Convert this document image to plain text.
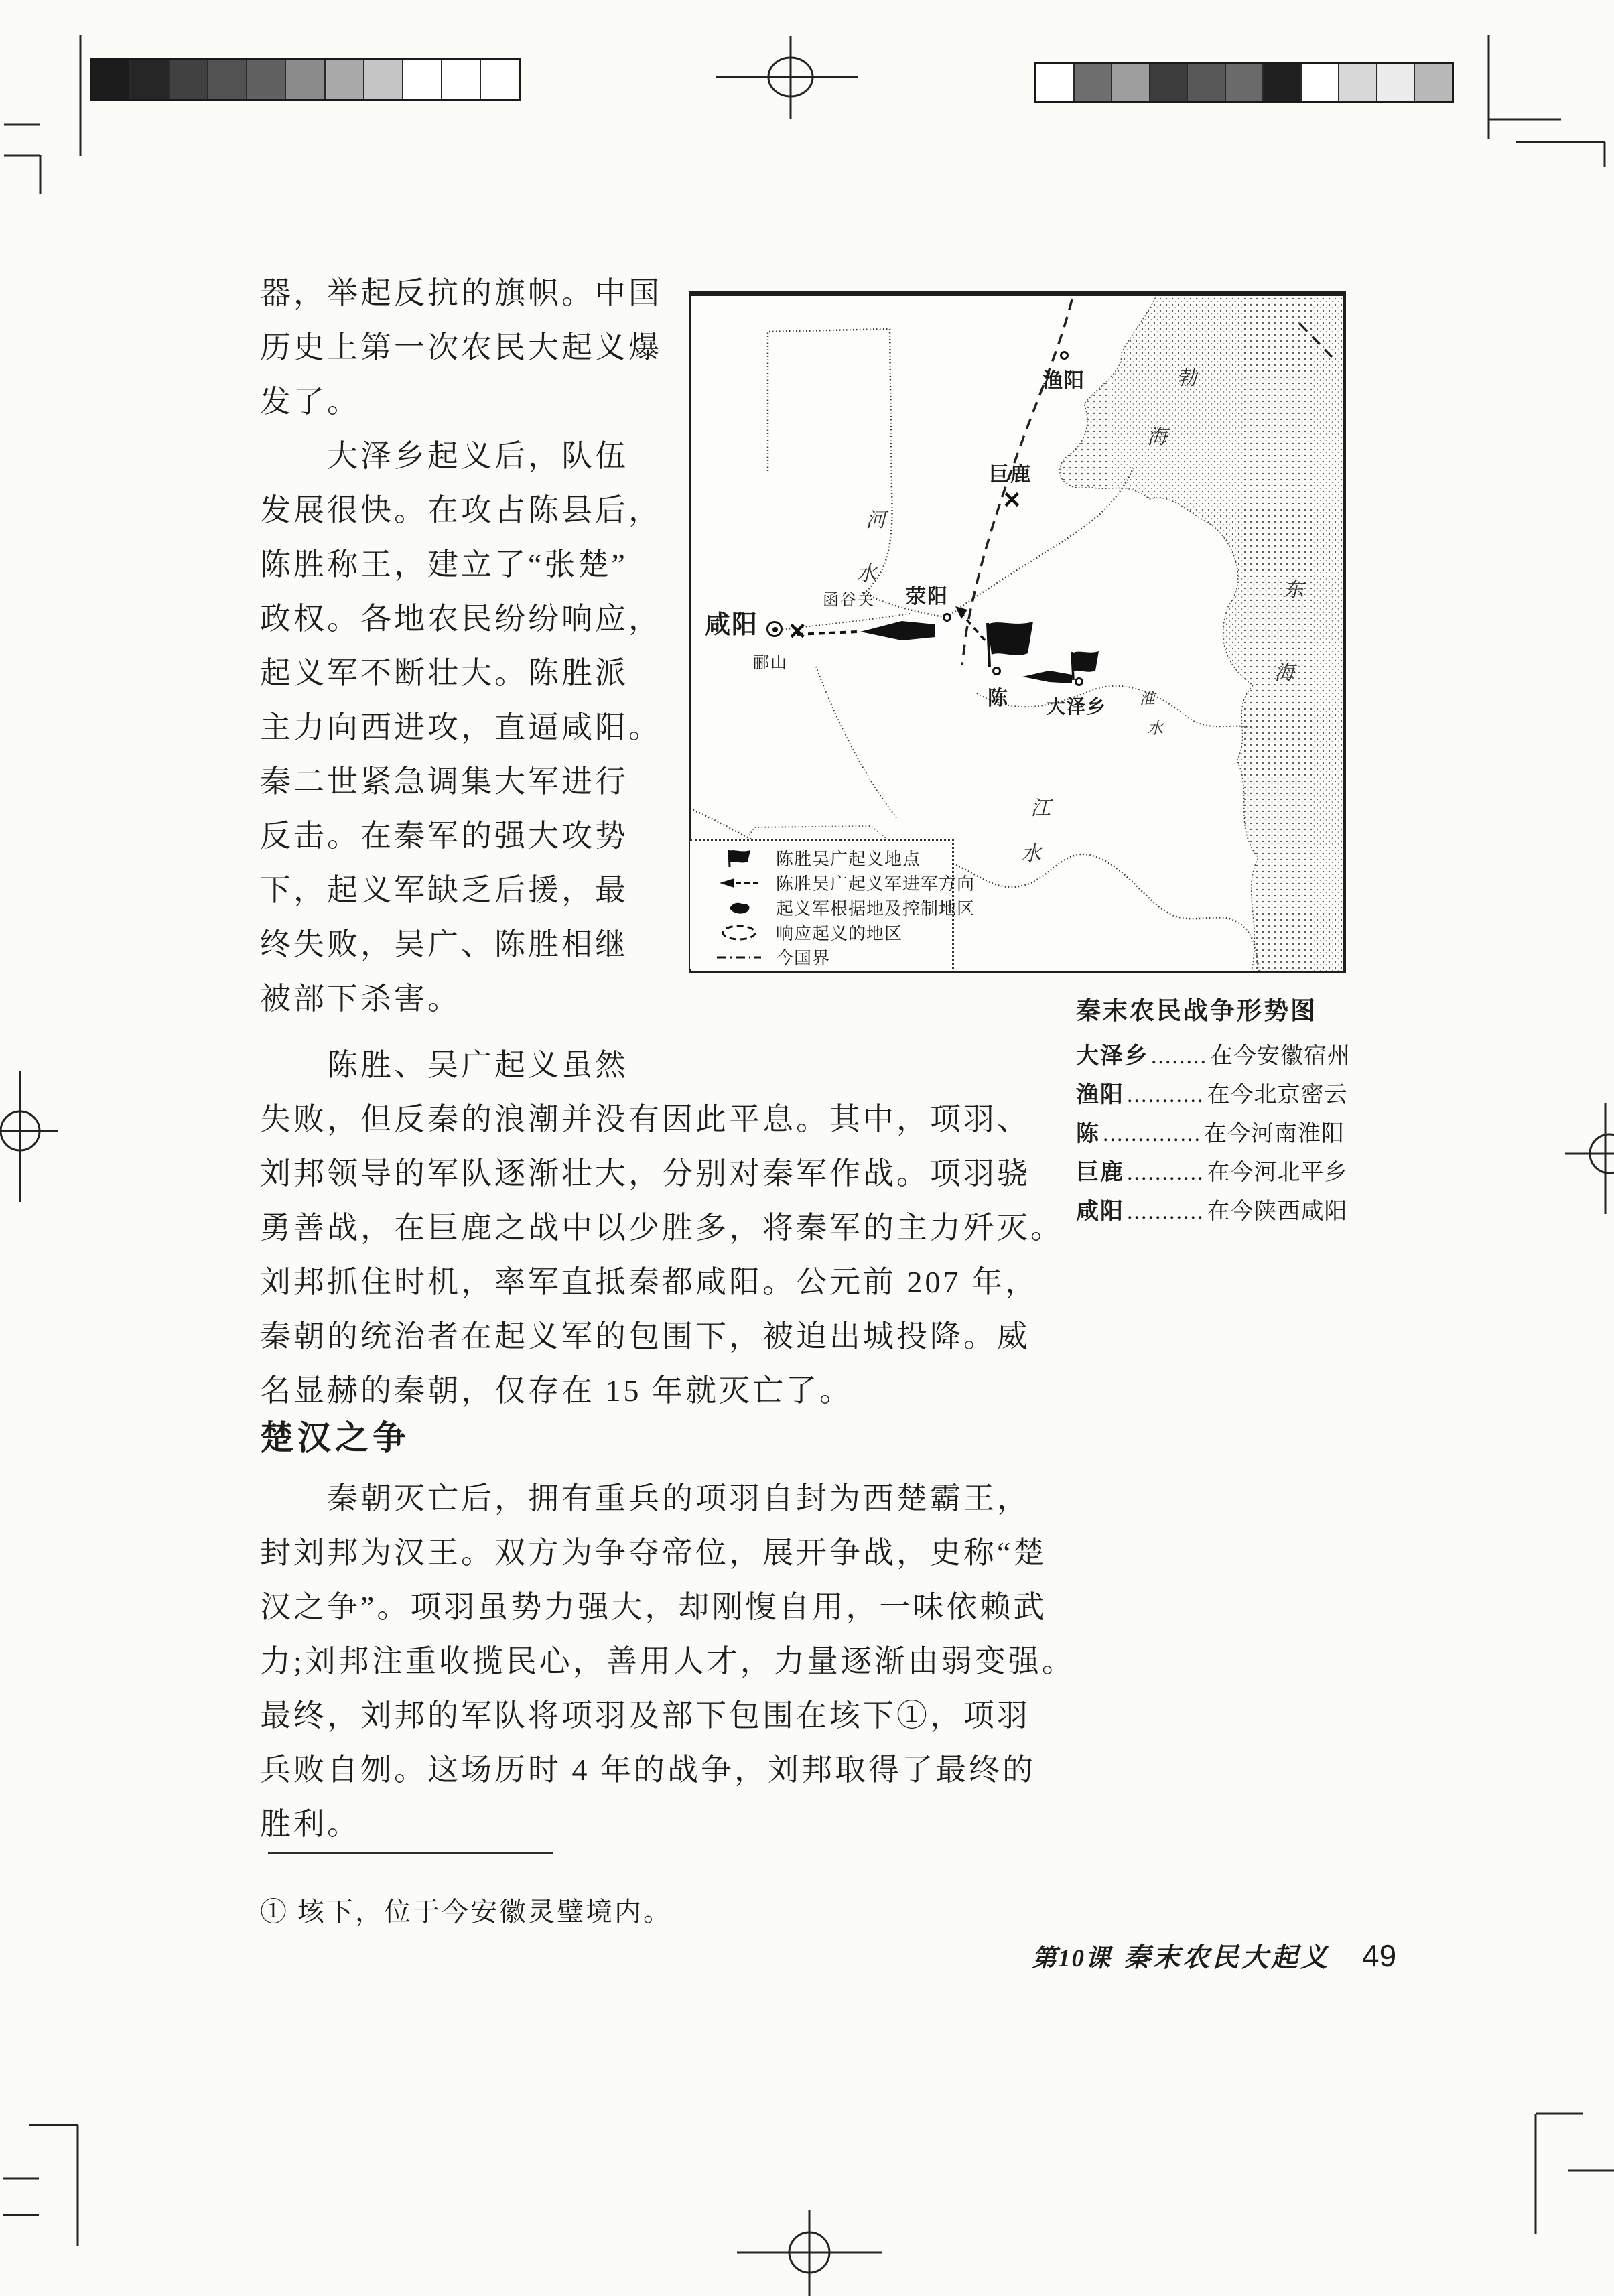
器，举起反抗的旗帜。中国
历史上第一次农民大起义爆
发了。
　　大泽乡起义后，队伍
发展很快。在攻占陈县后，
陈胜称王，建立了“张楚”
政权。各地农民纷纷响应，
起义军不断壮大。陈胜派
主力向西进攻，直逼咸阳。
秦二世紧急调集大军进行
反击。在秦军的强大攻势
下，起义军缺乏后援，最
终失败，吴广、陈胜相继
被部下杀害。
渔阳	勃
海
巨鹿
✕
荥阳
函谷关
咸阳 ✕
郦山
陈 大泽乡
河
水
江
水
淮
水
东
海
陈胜吴广起义地点
陈胜吴广起义军进军方向
起义军根据地及控制地区
响应起义的地区
今国界
秦末农民战争形势图
大泽乡 ........ 在今安徽宿州
渔阳 ........... 在今北京密云
陈 .............. 在今河南淮阳
巨鹿 ........... 在今河北平乡
咸阳 ........... 在今陕西咸阳
　　陈胜、吴广起义虽然
失败，但反秦的浪潮并没有因此平息。其中，项羽、
刘邦领导的军队逐渐壮大，分别对秦军作战。项羽骁
勇善战，在巨鹿之战中以少胜多，将秦军的主力歼灭。
刘邦抓住时机，率军直抵秦都咸阳。公元前 207 年，
秦朝的统治者在起义军的包围下，被迫出城投降。威
名显赫的秦朝，仅存在 15 年就灭亡了。
楚汉之争
　　秦朝灭亡后，拥有重兵的项羽自封为西楚霸王，
封刘邦为汉王。双方为争夺帝位，展开争战，史称“楚
汉之争”。项羽虽势力强大，却刚愎自用，一味依赖武
力;刘邦注重收揽民心，善用人才，力量逐渐由弱变强。
最终，刘邦的军队将项羽及部下包围在垓下①，项羽
兵败自刎。这场历时 4 年的战争，刘邦取得了最终的
胜利。
① 垓下，位于今安徽灵璧境内。
第10课 秦末农民大起义 49
